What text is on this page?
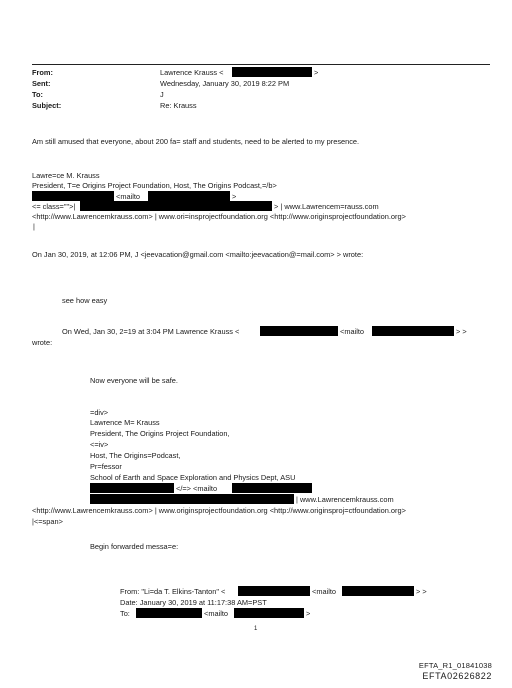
From:	Lawrence Krauss <	>
Sent:	Wednesday, January 30, 2019 8:22 PM
To:	J
Subject:	Re: Krauss
Am still amused that everyone, about 200 fa= staff and students, need to be alerted to my presence.
Lawre=ce M. Krauss
President, T=e Origins Project Foundation, Host, The Origins Podcast,=/b>
<mailto	>
<= class="">|	> | www.Lawrencem=rauss.com
<http://www.Lawrencemkrauss.com> | www.ori=insprojectfoundation.org <http://www.originsprojectfoundation.org>
|
On Jan 30, 2019, at 12:06 PM, J <jeevacation@gmail.com <mailto:jeevacation@=mail.com> > wrote:
see how easy
On Wed, Jan 30, 2=19 at 3:04 PM Lawrence Krauss <	<mailto	> >
wrote:
Now everyone will be safe.
=div>
Lawrence M= Krauss
President, The Origins Project Foundation,
<=iv>
Host, The Origins=Podcast,
Pr=fessor
School of Earth and Space Exploration and Physics Dept, ASU
</=> <mailto
| www.Lawrencemkrauss.com
<http://www.Lawrencemkrauss.com> | www.originsprojectfoundation.org <http://www.originsproj=ctfoundation.org>
|<=span>
Begin forwarded messa=e:
From: "Li=da T. Elkins-Tanton" <	<mailto	> >
Date: January 30, 2019 at 11:17:38 AM=PST
To:	<mailto	>
1
EFTA_R1_01841038
EFTA02626822
